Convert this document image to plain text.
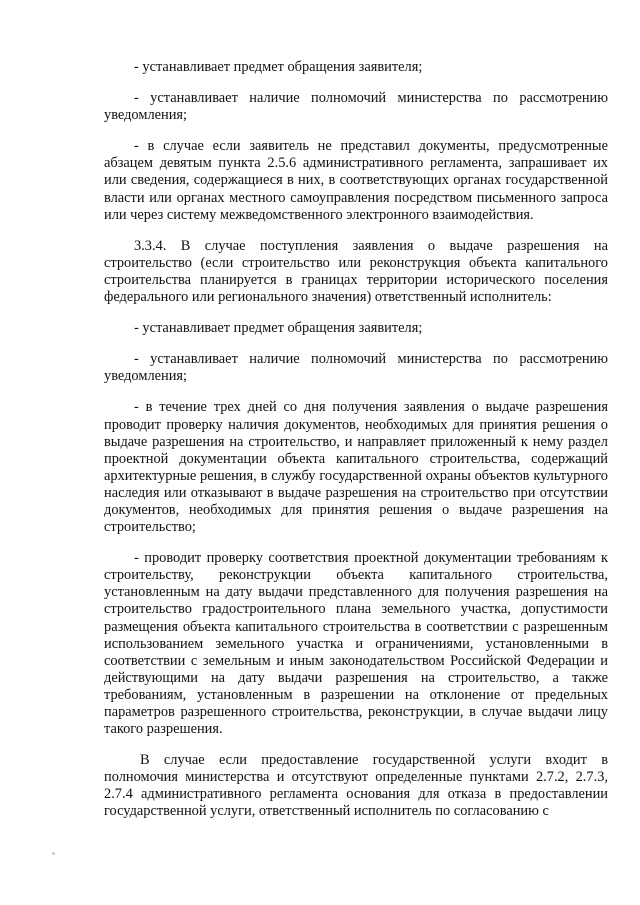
- устанавливает предмет обращения заявителя;

- устанавливает наличие полномочий министерства по рассмотрению уведомления;

- в случае если заявитель не представил документы, предусмотренные абзацем девятым пункта 2.5.6 административного регламента, запрашивает их или сведения, содержащиеся в них, в соответствующих органах государственной власти или органах местного самоуправления посредством письменного запроса или через систему межведомственного электронного взаимодействия.

3.3.4. В случае поступления заявления о выдаче разрешения на строительство (если строительство или реконструкция объекта капитального строительства планируется в границах территории исторического поселения федерального или регионального значения) ответственный исполнитель:

- устанавливает предмет обращения заявителя;

- устанавливает наличие полномочий министерства по рассмотрению уведомления;

- в течение трех дней со дня получения заявления о выдаче разрешения проводит проверку наличия документов, необходимых для принятия решения о выдаче разрешения на строительство, и направляет приложенный к нему раздел проектной документации объекта капитального строительства, содержащий архитектурные решения, в службу государственной охраны объектов культурного наследия или отказывают в выдаче разрешения на строительство при отсутствии документов, необходимых для принятия решения о выдаче разрешения на строительство;

- проводит проверку соответствия проектной документации требованиям к строительству, реконструкции объекта капитального строительства, установленным на дату выдачи представленного для получения разрешения на строительство градостроительного плана земельного участка, допустимости размещения объекта капитального строительства в соответствии с разрешенным использованием земельного участка и ограничениями, установленными в соответствии с земельным и иным законодательством Российской Федерации и действующими на дату выдачи разрешения на строительство, а также требованиям, установленным в разрешении на отклонение от предельных параметров разрешенного строительства, реконструкции, в случае выдачи лицу такого разрешения.

В случае если предоставление государственной услуги входит в полномочия министерства и отсутствуют определенные пунктами 2.7.2, 2.7.3, 2.7.4 административного регламента основания для отказа в предоставлении государственной услуги, ответственный исполнитель по согласованию с
